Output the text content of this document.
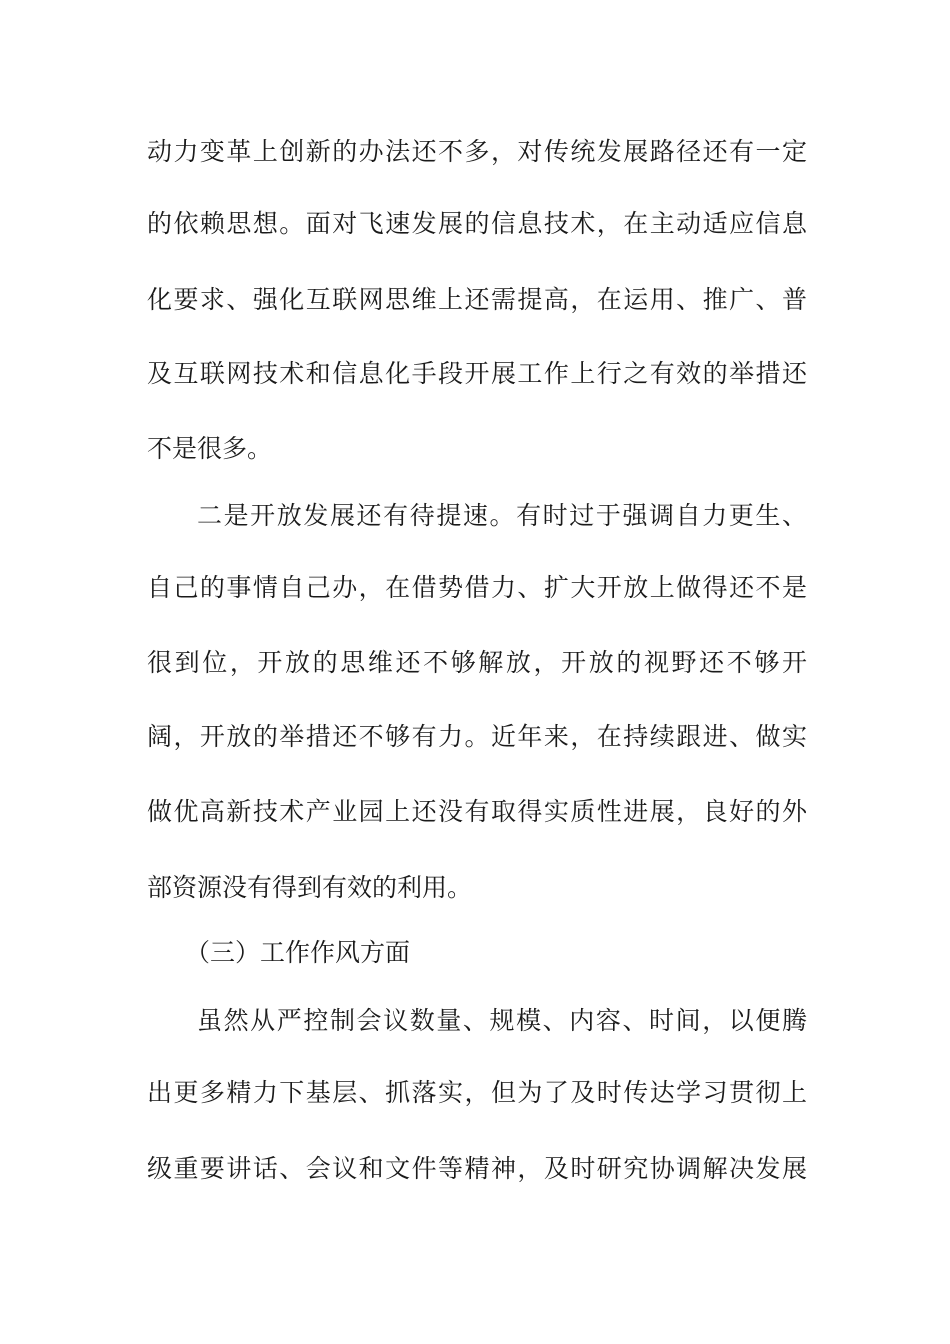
动力变革上创新的办法还不多，对传统发展路径还有一定
的依赖思想。面对飞速发展的信息技术，在主动适应信息
化要求、强化互联网思维上还需提高，在运用、推广、普
及互联网技术和信息化手段开展工作上行之有效的举措还
不是很多。
二是开放发展还有待提速。有时过于强调自力更生、
自己的事情自己办，在借势借力、扩大开放上做得还不是
很到位，开放的思维还不够解放，开放的视野还不够开
阔，开放的举措还不够有力。近年来，在持续跟进、做实
做优高新技术产业园上还没有取得实质性进展，良好的外
部资源没有得到有效的利用。
（三）工作作风方面
虽然从严控制会议数量、规模、内容、时间，以便腾
出更多精力下基层、抓落实，但为了及时传达学习贯彻上
级重要讲话、会议和文件等精神，及时研究协调解决发展
